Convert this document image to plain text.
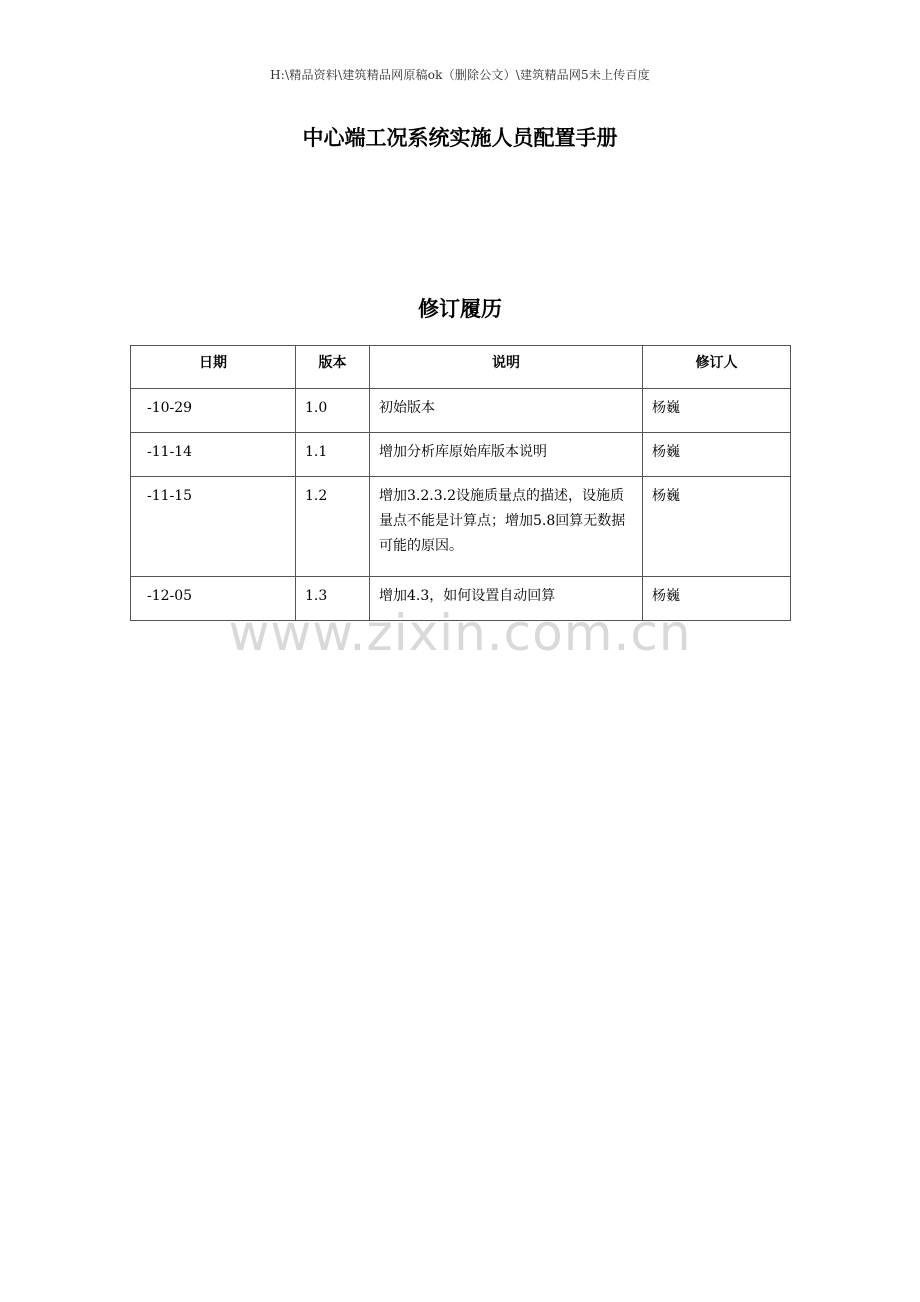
H:\精品资料\建筑精品网原稿ok（删除公文）\建筑精品网5未上传百度
中心端工况系统实施人员配置手册
修订履历
日期	版本	说明	修订人
-10-29	1.0	初始版本	杨巍
-11-14	1.1	增加分析库原始库版本说明	杨巍
-11-15	1.2	增加3.2.3.2设施质量点的描述，设施质量点不能是计算点；增加5.8回算无数据可能的原因。	杨巍
-12-05	1.3	增加4.3，如何设置自动回算	杨巍
www.zixin.com.cn
